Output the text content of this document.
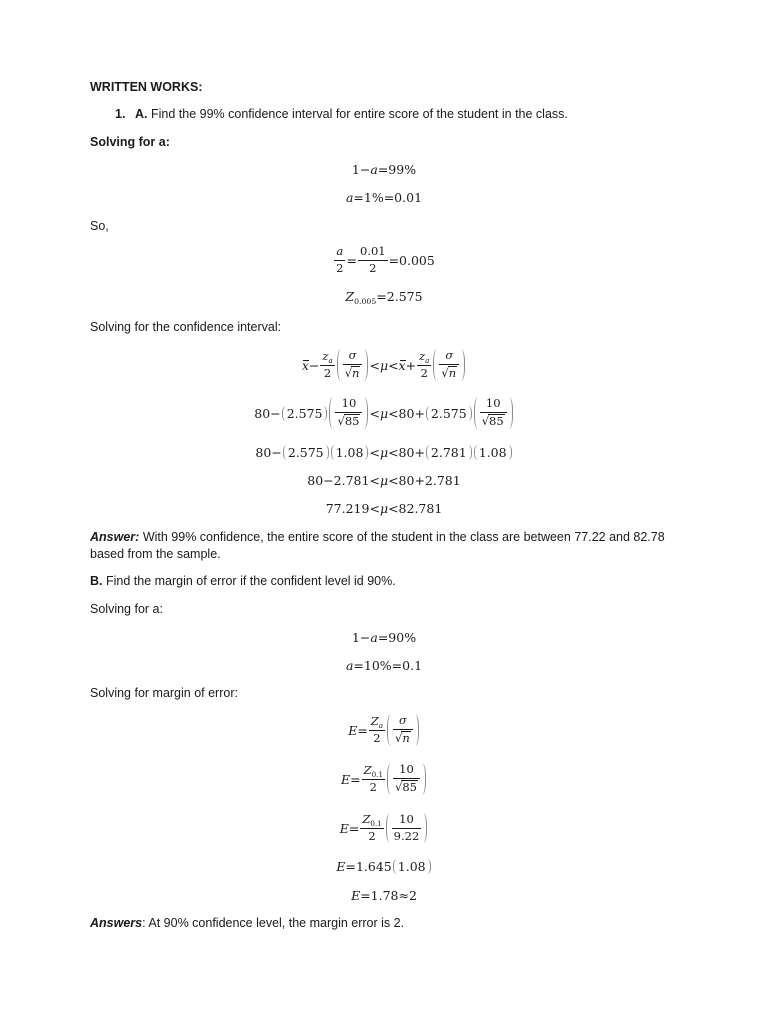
WRITTEN WORKS:
1. A. Find the 99% confidence interval for entire score of the student in the class.
Solving for a:
1− a =99%
a =1%=0.01
So,
$\frac{a}{2} = \frac{0.01}{2} =0.005$
Z 0.005 =2.575
Solving for the confidence interval:
$x - \frac{\text{z a}}{2}$ σ
√ $n < \mu < x + \frac{\text{z a}}{2}$ σ
√ n
80− 2.575 10
√ 85 < μ <80+ 2.575 10
√ 85
80− 2.575 1.08 < μ <80+ 2.781 1.08
80−2.781< μ <80+2.781
77.219< μ <82.781
Answer: With 99% confidence, the entire score of the student in the class are between 77.22 and 82.78
based from the sample.
B. Find the margin of error if the confident level id 90%.
Solving for a:
1− a =90%
a =10%=0.1
Solving for margin of error:
$E = \frac{\text{Z a}}{2}$ σ
√ n
$E = \frac{Z 0.1}{2} 10$
√ 85
$E = \frac{Z 0.1}{2} \frac{10}{9.22}$
E =1.645 1.08
E =1.78≈2
Answers: At 90% confidence level, the margin error is 2.
